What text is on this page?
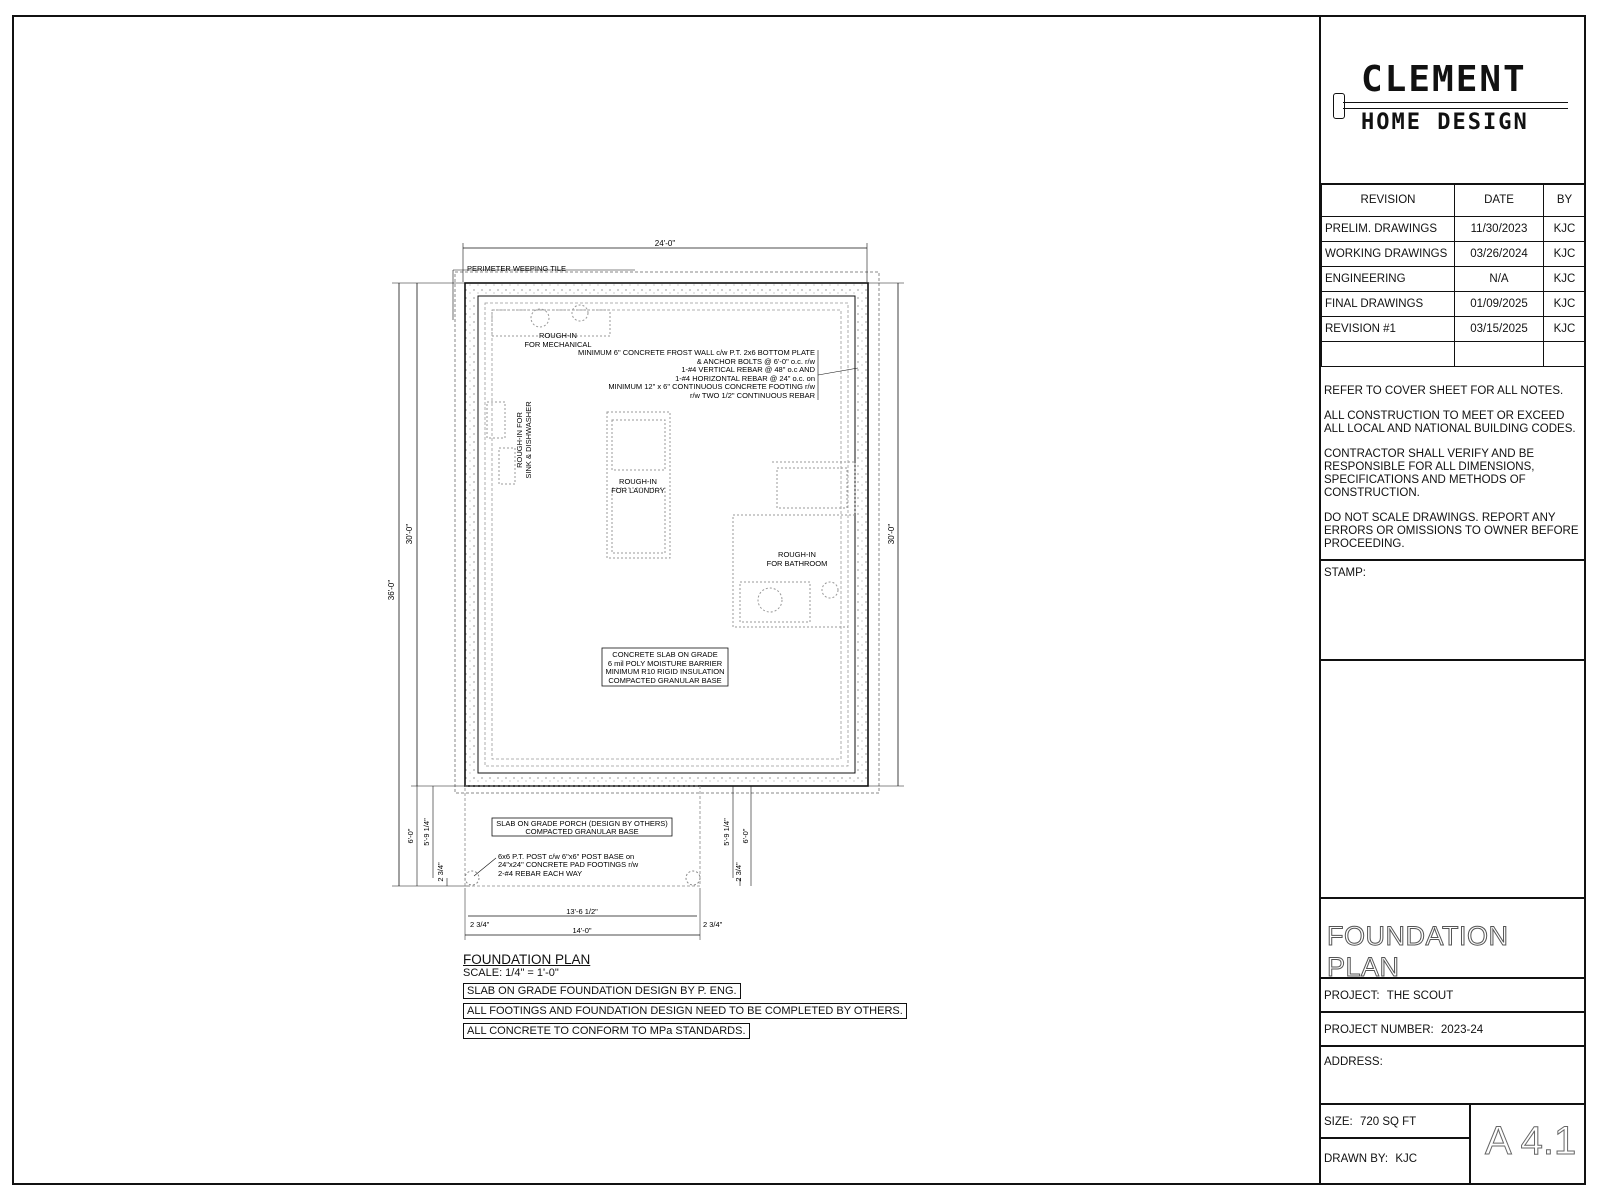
24'-0"
PERIMETER WEEPING TILE
36'-0"
30'-0"	30'-0"
ROUGH-IN
FOR MECHANICAL
MINIMUM 6" CONCRETE FROST WALL c/w P.T. 2x6 BOTTOM PLATE
& ANCHOR BOLTS @ 6'-0" o.c. r/w
1-#4 VERTICAL REBAR @ 48" o.c AND
1-#4 HORIZONTAL REBAR @ 24" o.c. on
MINIMUM 12" x 6" CONTINUOUS CONCRETE FOOTING r/w
r/w TWO 1/2" CONTINUOUS REBAR
ROUGH-IN FOR SINK & DISHWASHER
ROUGH-IN
FOR LAUNDRY
ROUGH-IN
FOR BATHROOM
CONCRETE SLAB ON GRADE
6 mil POLY MOISTURE BARRIER
MINIMUM R10 RIGID INSULATION
COMPACTED GRANULAR BASE
SLAB ON GRADE PORCH (DESIGN BY OTHERS)
COMPACTED GRANULAR BASE
6x6 P.T. POST c/w 6"x6" POST BASE on
24"x24" CONCRETE PAD FOOTINGS r/w
2-#4 REBAR EACH WAY
6'-0" 5'-9 1/4"
2 3/4"
5'-9 1/4" 6'-0"
2 3/4"
13'-6 1/2"
14'-0"
2 3/4"	2 3/4"
FOUNDATION PLAN
SCALE: 1/4" = 1'-0"
SLAB ON GRADE FOUNDATION DESIGN BY P. ENG.
ALL FOOTINGS AND FOUNDATION DESIGN NEED TO BE COMPLETED BY OTHERS.
ALL CONCRETE TO CONFORM TO MPa STANDARDS.
CLEMENT
HOME DESIGN
REVISION	DATE	BY
PRELIM. DRAWINGS	11/30/2023	KJC
WORKING DRAWINGS	03/26/2024	KJC
ENGINEERING	N/A	KJC
FINAL DRAWINGS	01/09/2025	KJC
REVISION #1	03/15/2025	KJC

REFER TO COVER SHEET FOR ALL NOTES.

ALL CONSTRUCTION TO MEET OR EXCEED ALL LOCAL AND NATIONAL BUILDING CODES.

CONTRACTOR SHALL VERIFY AND BE RESPONSIBLE FOR ALL DIMENSIONS, SPECIFICATIONS AND METHODS OF CONSTRUCTION.

DO NOT SCALE DRAWINGS. REPORT ANY ERRORS OR OMISSIONS TO OWNER BEFORE PROCEEDING.

STAMP:
FOUNDATION PLAN
PROJECT: THE SCOUT
PROJECT NUMBER: 2023-24
ADDRESS:
SIZE: 720 SQ FT
DRAWN BY: KJC	A 4.1
